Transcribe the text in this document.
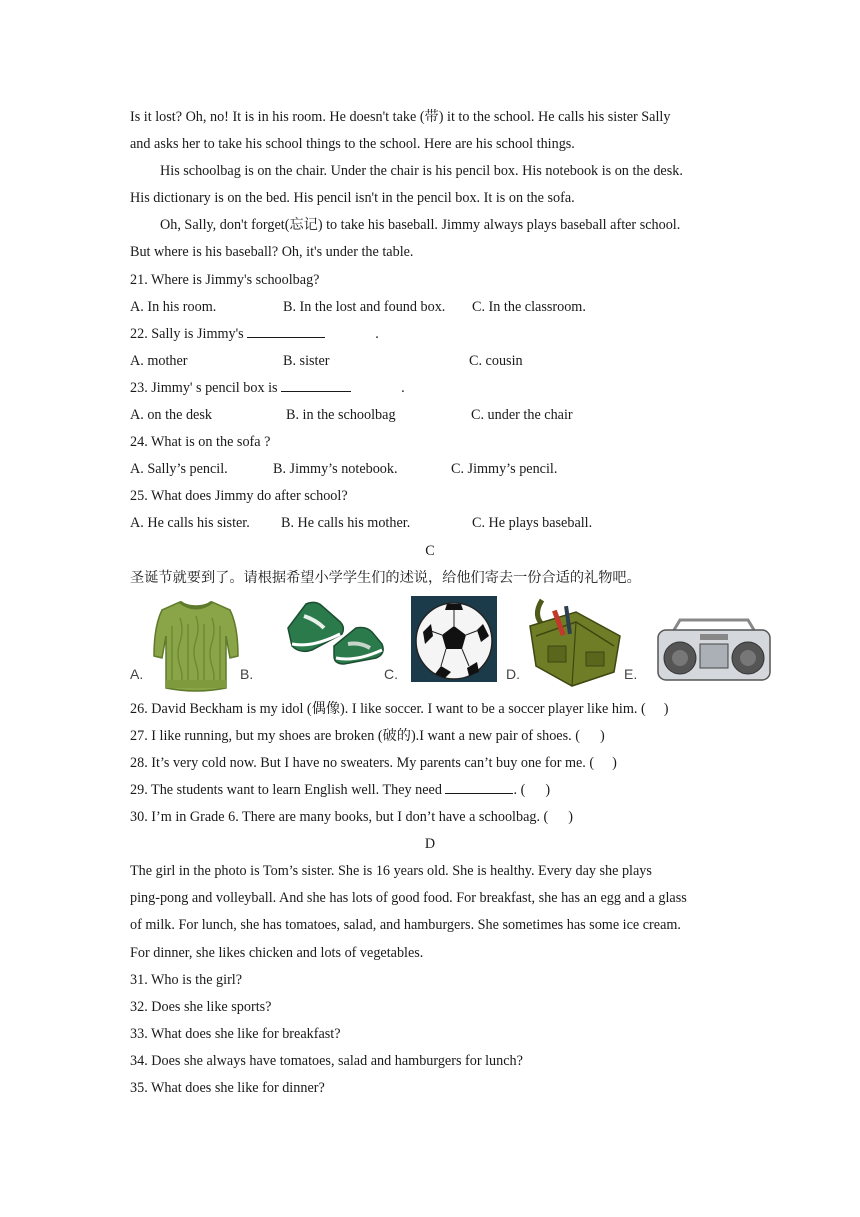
Is it lost? Oh, no! It is in his room. He doesn't take (带) it to the school. He calls his sister Sally
and asks her to take his school things to the school. Here are his school things.
His schoolbag is on the chair. Under the chair is his pencil box. His notebook is on the desk.
His dictionary is on the bed. His pencil isn't in the pencil box. It is on the sofa.
Oh, Sally, don't forget(忘记) to take his baseball. Jimmy always plays baseball after school.
But where is his baseball? Oh, it's under the table.
21. Where is Jimmy's schoolbag?
A. In his room.	B. In the lost and found box.	C. In the classroom.
22. Sally is Jimmy's	.
A. mother	B. sister	C. cousin
23. Jimmy' s pencil box is	.
A. on the desk	B. in the schoolbag	C. under the chair
24. What is on the sofa ?
A. Sally’s pencil.	B. Jimmy’s notebook.	C. Jimmy’s pencil.
25. What does Jimmy do after school?
A. He calls his sister.	B. He calls his mother.	C. He plays baseball.
C
圣诞节就要到了。请根据希望小学学生们的述说，给他们寄去一份合适的礼物吧。
A.	B.	C.	D.	E.
26. David Beckham is my idol (偶像). I like soccer. I want to be a soccer player like him. ( )
27. I like running, but my shoes are broken (破的).I want a new pair of shoes. ( )
28. It’s very cold now. But I have no sweaters. My parents can’t buy one for me. ( )
29. The students want to learn English well. They need	. ( )
30. I’m in Grade 6. There are many books, but I don’t have a schoolbag. ( )
D
The girl in the photo is Tom’s sister. She is 16 years old. She is healthy. Every day she plays
ping-pong and volleyball. And she has lots of good food. For breakfast, she has an egg and a glass
of milk. For lunch, she has tomatoes, salad, and hamburgers. She sometimes has some ice cream.
For dinner, she likes chicken and lots of vegetables.
31. Who is the girl?
32. Does she like sports?
33. What does she like for breakfast?
34. Does she always have tomatoes, salad and hamburgers for lunch?
35. What does she like for dinner?
